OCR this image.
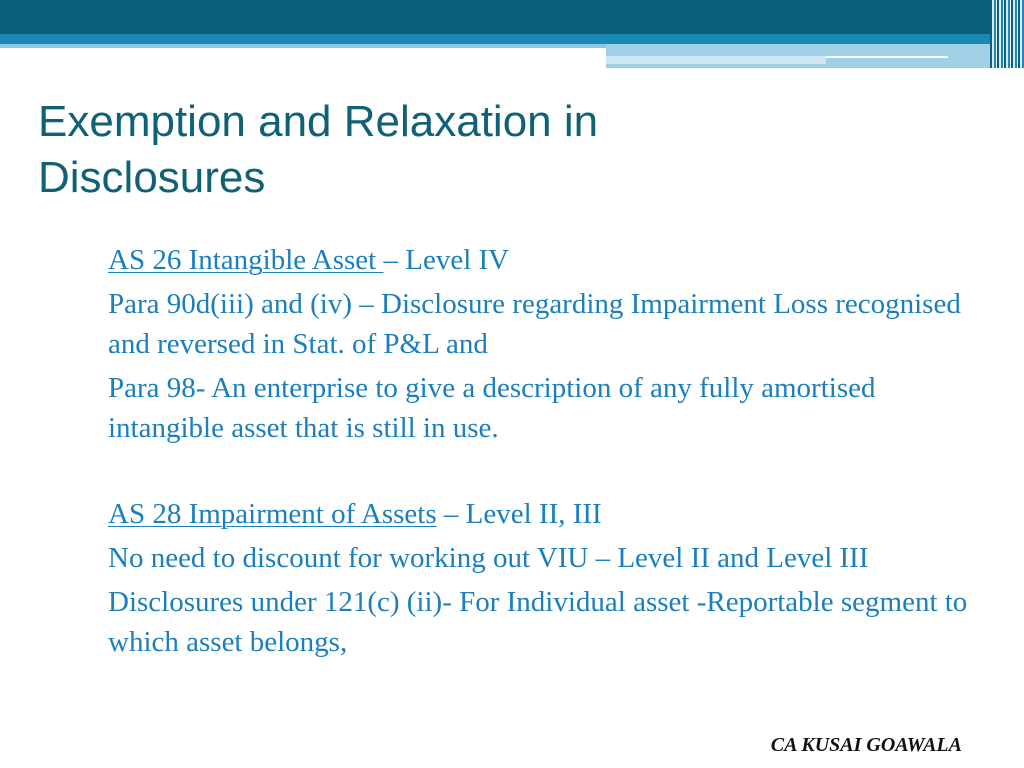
Exemption and Relaxation in
Disclosures

AS 26 Intangible Asset – Level IV

Para 90d(iii) and (iv) – Disclosure regarding Impairment Loss recognised and reversed in Stat. of P&L and

Para 98- An enterprise to give a description of any fully amortised intangible asset that is still in use.

AS 28 Impairment of Assets – Level II, III

No need to discount for working out VIU – Level II and Level III

Disclosures under 121(c) (ii)- For Individual asset -Reportable segment to which asset belongs,

CA KUSAI GOAWALA
